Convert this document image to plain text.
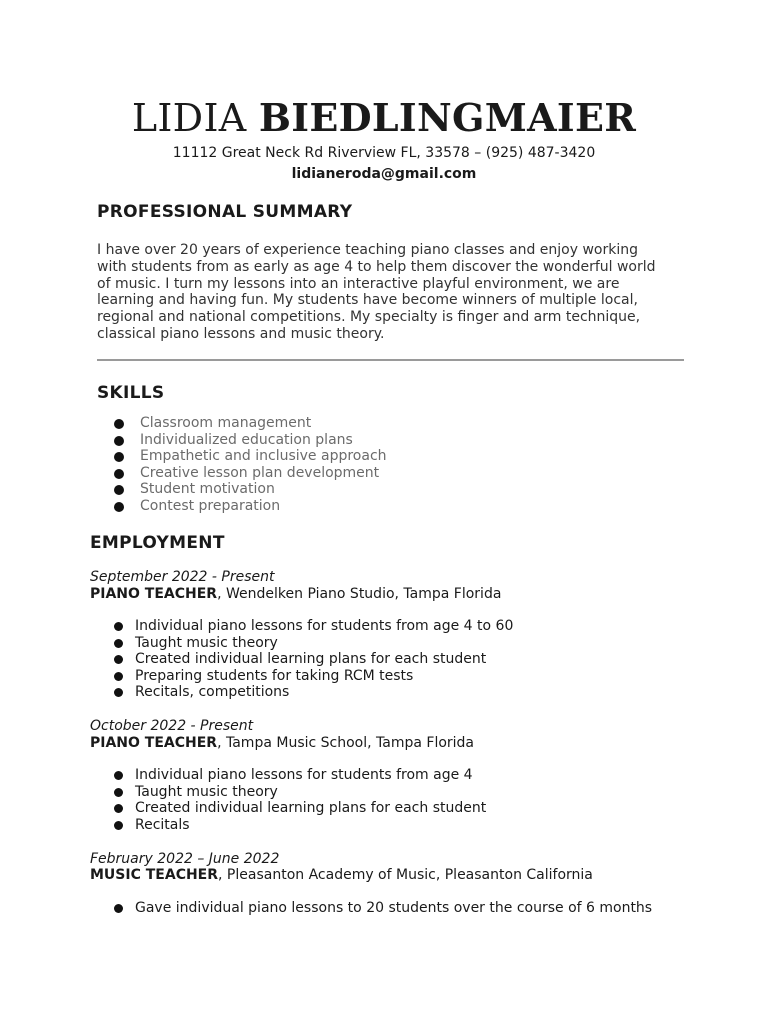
LIDIA BIEDLINGMAIER
11112 Great Neck Rd Riverview FL, 33578 – (925) 487-3420
lidianeroda@gmail.com
PROFESSIONAL SUMMARY
I have over 20 years of experience teaching piano classes and enjoy working
with students from as early as age 4 to help them discover the wonderful world
of music. I turn my lessons into an interactive playful environment, we are
learning and having fun. My students have become winners of multiple local,
regional and national competitions. My specialty is finger and arm technique,
classical piano lessons and music theory.
SKILLS
Classroom management
Individualized education plans
Empathetic and inclusive approach
Creative lesson plan development
Student motivation
Contest preparation
EMPLOYMENT
September 2022 - Present
PIANO TEACHER, Wendelken Piano Studio, Tampa Florida
Individual piano lessons for students from age 4 to 60
Taught music theory
Created individual learning plans for each student
Preparing students for taking RCM tests
Recitals, competitions
October 2022 - Present
PIANO TEACHER, Tampa Music School, Tampa Florida
Individual piano lessons for students from age 4
Taught music theory
Created individual learning plans for each student
Recitals
February 2022 – June 2022
MUSIC TEACHER, Pleasanton Academy of Music, Pleasanton California
Gave individual piano lessons to 20 students over the course of 6 months
